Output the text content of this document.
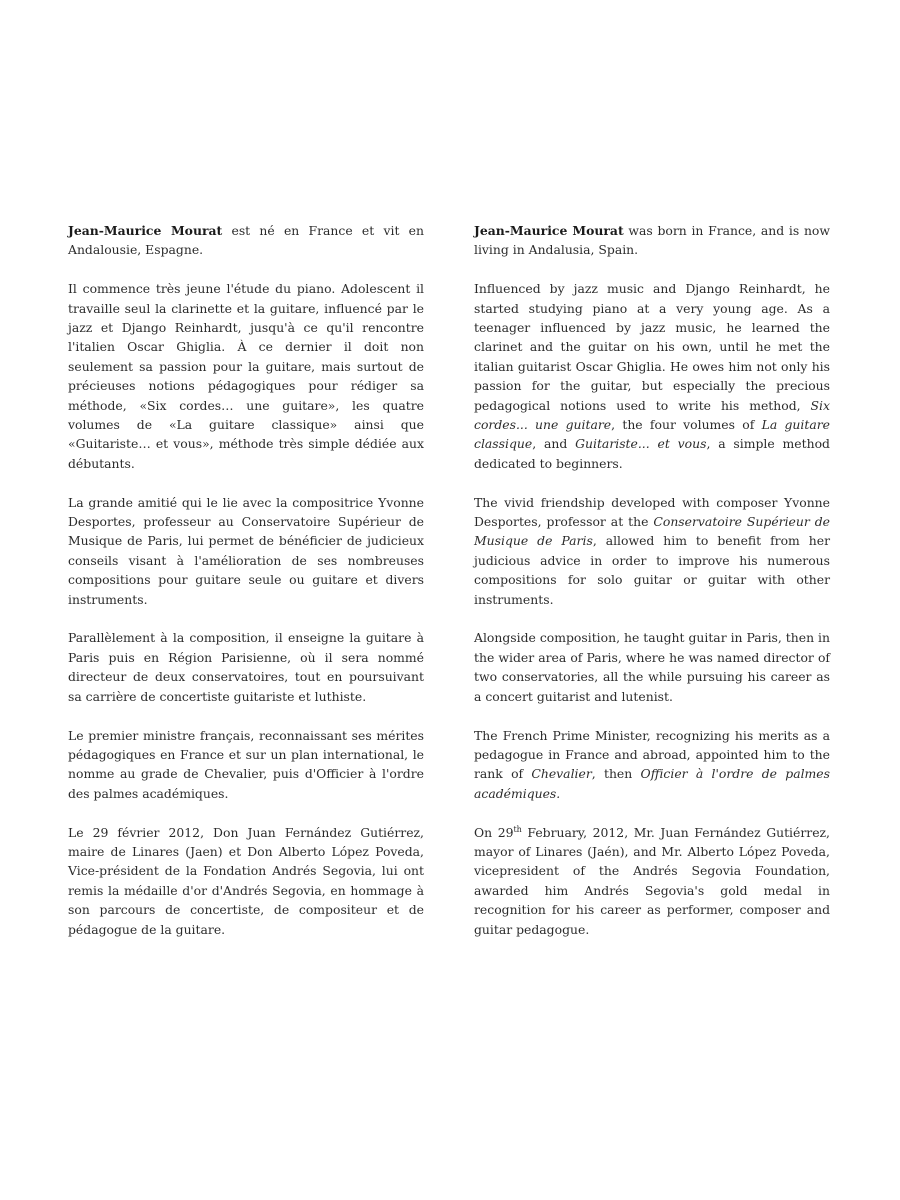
Jean-Maurice Mourat est né en France et vit en Andalousie, Espagne.

Il commence très jeune l'étude du piano. Adolescent il travaille seul la clarinette et la guitare, influencé par le jazz et Django Reinhardt, jusqu'à ce qu'il rencontre l'italien Oscar Ghiglia. À ce dernier il doit non seulement sa passion pour la guitare, mais surtout de précieuses notions pédagogiques pour rédiger sa méthode, «Six cordes… une guitare», les quatre volumes de «La guitare classique» ainsi que «Guitariste… et vous», méthode très simple dédiée aux débutants.

La grande amitié qui le lie avec la compositrice Yvonne Desportes, professeur au Conservatoire Supérieur de Musique de Paris, lui permet de bénéficier de judicieux conseils visant à l'amélioration de ses nombreuses compositions pour guitare seule ou guitare et divers instruments.

Parallèlement à la composition, il enseigne la guitare à Paris puis en Région Parisienne, où il sera nommé directeur de deux conservatoires, tout en poursuivant sa carrière de concertiste guitariste et luthiste.

Le premier ministre français, reconnaissant ses mérites pédagogiques en France et sur un plan international, le nomme au grade de Chevalier, puis d'Officier à l'ordre des palmes académiques.

Le 29 février 2012, Don Juan Fernández Gutiérrez, maire de Linares (Jaen) et Don Alberto López Poveda, Vice-président de la Fondation Andrés Segovia, lui ont remis la médaille d'or d'Andrés Segovia, en hommage à son parcours de concertiste, de compositeur et de pédagogue de la guitare.

Jean-Maurice Mourat was born in France, and is now living in Andalusia, Spain.

Influenced by jazz music and Django Reinhardt, he started studying piano at a very young age. As a teenager influenced by jazz music, he learned the clarinet and the guitar on his own, until he met the italian guitarist Oscar Ghiglia. He owes him not only his passion for the guitar, but especially the precious pedagogical notions used to write his method, Six cordes... une guitare, the four volumes of La guitare classique, and Guitariste... et vous, a simple method dedicated to beginners.

The vivid friendship developed with composer Yvonne Desportes, professor at the Conservatoire Supérieur de Musique de Paris, allowed him to benefit from her judicious advice in order to improve his numerous compositions for solo guitar or guitar with other instruments.

Alongside composition, he taught guitar in Paris, then in the wider area of Paris, where he was named director of two conservatories, all the while pursuing his career as a concert guitarist and lutenist.

The French Prime Minister, recognizing his merits as a pedagogue in France and abroad, appointed him to the rank of Chevalier, then Officier à l'ordre de palmes académiques.

On 29th February, 2012, Mr. Juan Fernández Gutiérrez, mayor of Linares (Jaén), and Mr. Alberto López Poveda, vicepresident of the Andrés Segovia Foundation, awarded him Andrés Segovia's gold medal in recognition for his career as performer, composer and guitar pedagogue.
